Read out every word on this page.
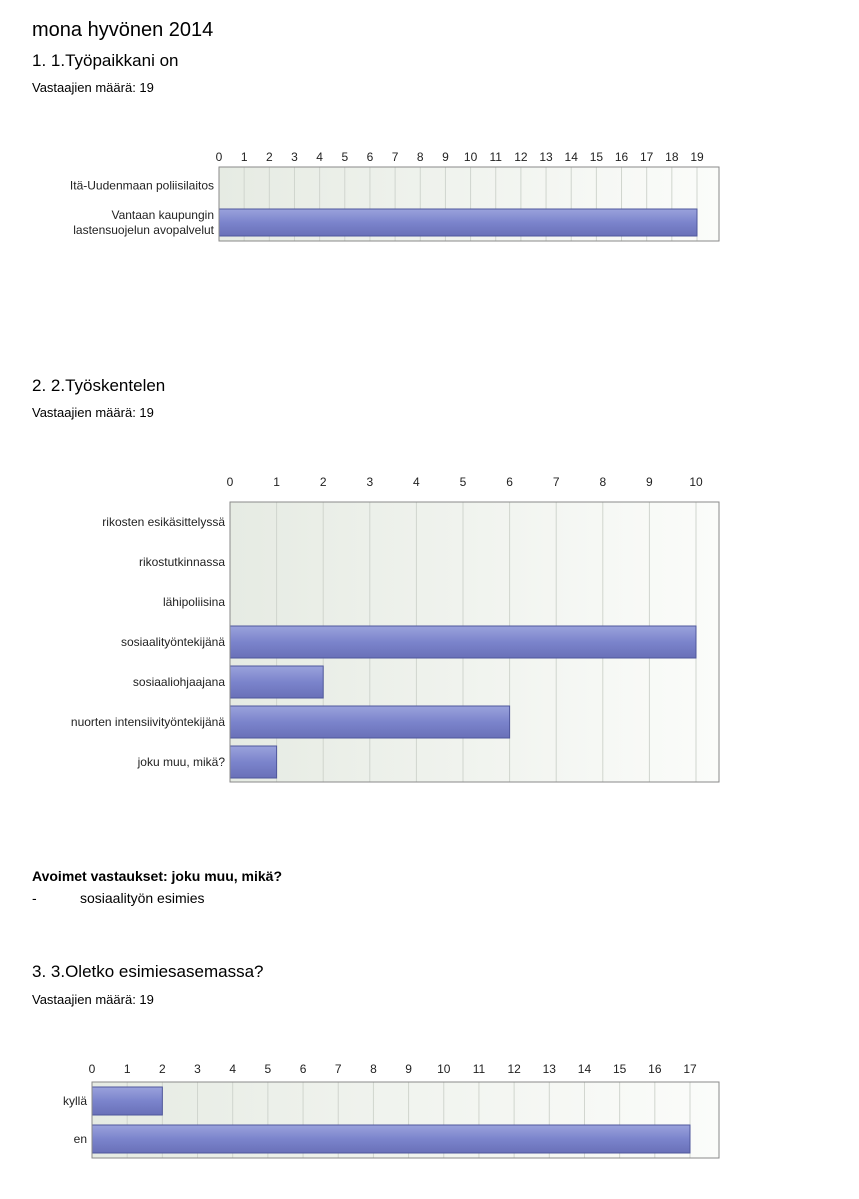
mona hyvönen 2014
1. 1.Työpaikkani on
Vastaajien määrä: 19
2. 2.Työskentelen
Vastaajien määrä: 19
Avoimet vastaukset: joku muu, mikä?
-	sosiaalityön esimies
3. 3.Oletko esimiesasemassa?
Vastaajien määrä: 19
0 1 2 3 4 5 6 7 8 9 10 11 12 13 14 15 16 17 18 19
Itä-Uudenmaan poliisilaitos
Vantaan kaupungin
lastensuojelun avopalvelut
0	1	2	3	4	5	6	7	8	9	10
rikosten esikäsittelyssä
rikostutkinnassa
lähipoliisina
sosiaalityöntekijänä
sosiaaliohjaajana
nuorten intensiivityöntekijänä
joku muu, mikä?
0 1 2 3 4 5 6 7 8 9 10 11 12 13 14 15 16 17
kyllä
en
